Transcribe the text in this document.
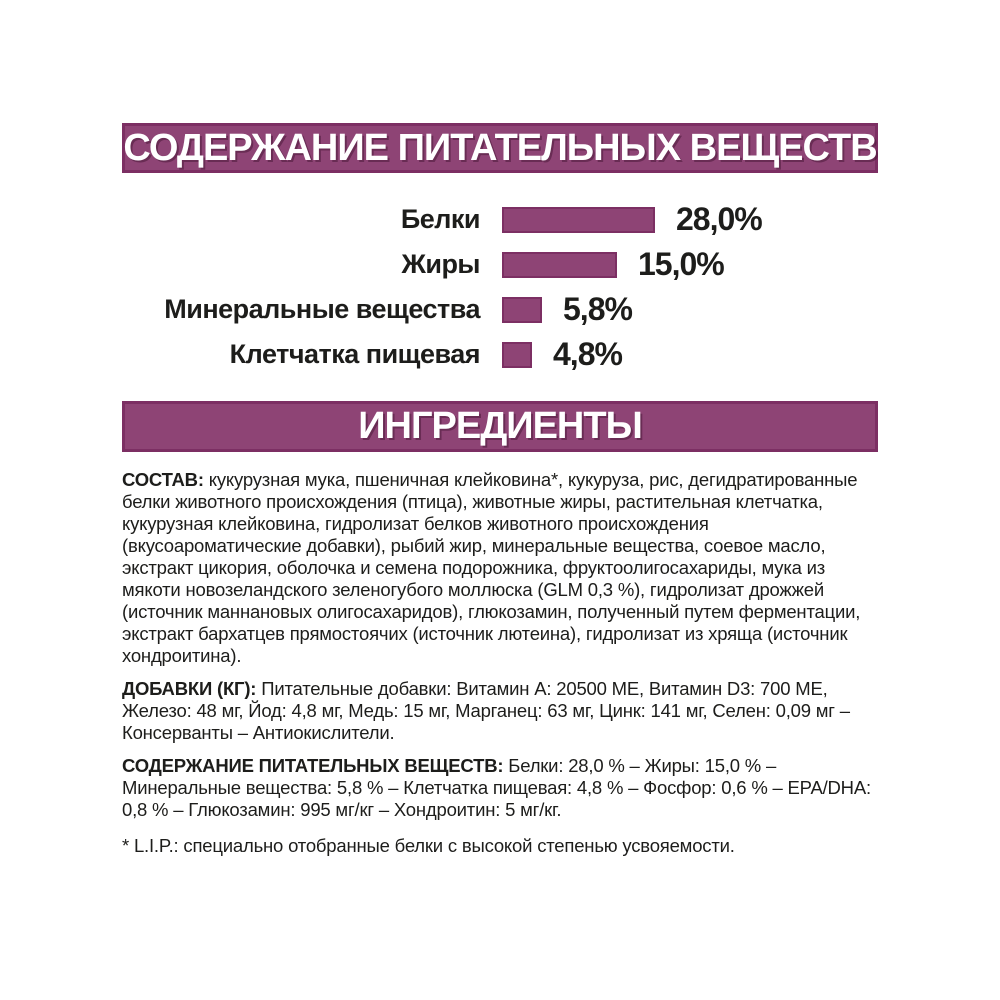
СОДЕРЖАНИЕ ПИТАТЕЛЬНЫХ ВЕЩЕСТВ
Белки	28,0%
Жиры	15,0%
Минеральные вещества	5,8%
Клетчатка пищевая 4,8%
ИНГРЕДИЕНТЫ

СОСТАВ: кукурузная мука, пшеничная клейковина*, кукуруза, рис, дегидратированные белки животного происхождения (птица), животные жиры, растительная клетчатка, кукурузная клейковина, гидролизат белков животного происхождения (вкусоароматические добавки), рыбий жир, минеральные вещества, соевое масло, экстракт цикория, оболочка и семена подорожника, фруктоолигосахариды, мука из мякоти новозеландского зеленогубого моллюска (GLM 0,3 %), гидролизат дрожжей (источник маннановых олигосахаридов), глюкозамин, полученный путем ферментации, экстракт бархатцев прямостоячих (источник лютеина), гидролизат из хряща (источник хондроитина).

ДОБАВКИ (КГ): Питательные добавки: Витамин A: 20500 МЕ, Витамин D3: 700 МЕ, Железо: 48 мг, Йод: 4,8 мг, Медь: 15 мг, Марганец: 63 мг, Цинк: 141 мг, Селен: 0,09 мг – Консерванты – Антиокислители.

СОДЕРЖАНИЕ ПИТАТЕЛЬНЫХ ВЕЩЕСТВ: Белки: 28,0 % – Жиры: 15,0 % – Минеральные вещества: 5,8 % – Клетчатка пищевая: 4,8 % – Фосфор: 0,6 % – EPA/DHA: 0,8 % – Глюкозамин: 995 мг/кг – Хондроитин: 5 мг/кг.

* L.I.P.: специально отобранные белки с высокой степенью усвояемости.
